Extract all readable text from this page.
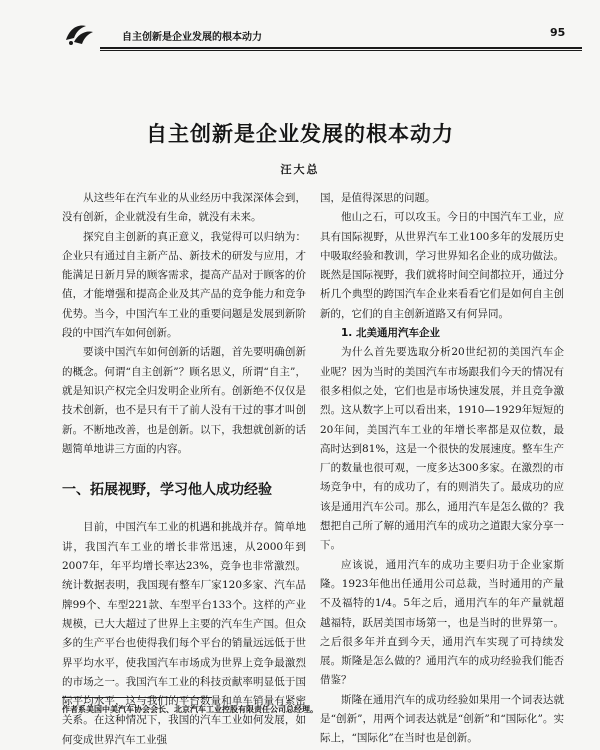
自主创新是企业发展的根本动力	95
自主创新是企业发展的根本动力
汪大总

从这些年在汽车业的从业经历中我深深体会到，没有创新，企业就没有生命，就没有未来。

探究自主创新的真正意义，我觉得可以归纳为：企业只有通过自主新产品、新技术的研发与应用，才能满足日新月异的顾客需求，提高产品对于顾客的价值，才能增强和提高企业及其产品的竞争能力和竞争优势。当今，中国汽车工业的重要问题是发展到新阶段的中国汽车如何创新。

要谈中国汽车如何创新的话题，首先要明确创新的概念。何谓“自主创新”？顾名思义，所谓“自主”，就是知识产权完全归发明企业所有。创新绝不仅仅是技术创新，也不是只有干了前人没有干过的事才叫创新。不断地改善，也是创新。以下，我想就创新的话题简单地讲三方面的内容。

一、拓展视野，学习他人成功经验

目前，中国汽车工业的机遇和挑战并存。简单地讲，我国汽车工业的增长非常迅速，从2000年到2007年，年平均增长率达23%，竞争也非常激烈。统计数据表明，我国现有整车厂家120多家、汽车品牌99个、车型221款、车型平台133个。这样的产业规模，已大大超过了世界上主要的汽车生产国。但众多的生产平台也使得我们每个平台的销量远远低于世界平均水平，使我国汽车市场成为世界上竞争最激烈的市场之一。我国汽车工业的科技贡献率明显低于国际平均水平，这与我们的平台数量和单车销量有紧密关系。在这种情况下，我国的汽车工业如何发展，如何变成世界汽车工业强

国，是值得深思的问题。

他山之石，可以攻玉。今日的中国汽车工业，应具有国际视野，从世界汽车工业100多年的发展历史中吸取经验和教训，学习世界知名企业的成功做法。既然是国际视野，我们就将时间空间都拉开，通过分析几个典型的跨国汽车企业来看看它们是如何自主创新的，它们的自主创新道路又有何异同。

1. 北美通用汽车企业

为什么首先要选取分析20世纪初的美国汽车企业呢？因为当时的美国汽车市场跟我们今天的情况有很多相似之处，它们也是市场快速发展，并且竞争激烈。这从数字上可以看出来，1910—1929年短短的20年间，美国汽车工业的年增长率都是双位数，最高时达到81%，这是一个很快的发展速度。整车生产厂的数量也很可观，一度多达300多家。在激烈的市场竞争中，有的成功了，有的则消失了。最成功的应该是通用汽车公司。那么，通用汽车是怎么做的？我想把自己所了解的通用汽车的成功之道跟大家分享一下。

应该说，通用汽车的成功主要归功于企业家斯隆。1923年他出任通用公司总裁，当时通用的产量不及福特的1/4。5年之后，通用汽车的年产量就超越福特，跃居美国市场第一，也是当时的世界第一。之后很多年并直到今天，通用汽车实现了可持续发展。斯隆是怎么做的？通用汽车的成功经验我们能否借鉴？

斯隆在通用汽车的成功经验如果用一个词表达就是“创新”，用两个词表达就是“创新”和“国际化”。实际上，“国际化”在当时也是创新。

作者系美国中美汽车协会会长、北京汽车工业控股有限责任公司总经理。
